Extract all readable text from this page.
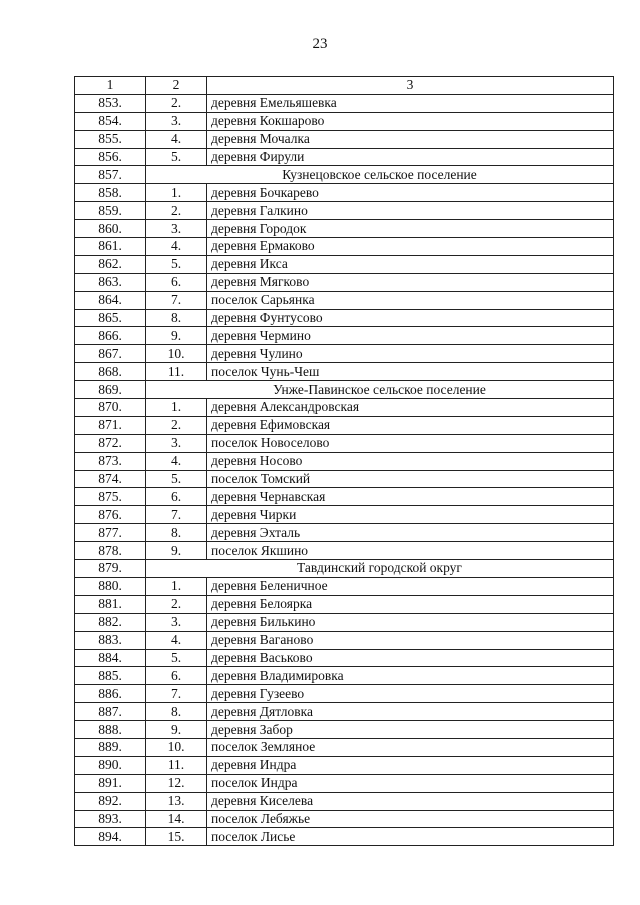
23
1	2	3
853.	2.	деревня Емельяшевка
854.	3.	деревня Кокшарово
855.	4.	деревня Мочалка
856.	5.	деревня Фирули
857.	Кузнецовское сельское поселение	
858.	1.	деревня Бочкарево
859.	2.	деревня Галкино
860.	3.	деревня Городок
861.	4.	деревня Ермаково
862.	5.	деревня Икса
863.	6.	деревня Мягково
864.	7.	поселок Сарьянка
865.	8.	деревня Фунтусово
866.	9.	деревня Чермино
867.	10.	деревня Чулино
868.	11.	поселок Чунь-Чеш
869.	Унже-Павинское сельское поселение	
870.	1.	деревня Александровская
871.	2.	деревня Ефимовская
872.	3.	поселок Новоселово
873.	4.	деревня Носово
874.	5.	поселок Томский
875.	6.	деревня Чернавская
876.	7.	деревня Чирки
877.	8.	деревня Эхталь
878.	9.	поселок Якшино
879.	Тавдинский городской округ	
880.	1.	деревня Беленичное
881.	2.	деревня Белоярка
882.	3.	деревня Билькино
883.	4.	деревня Ваганово
884.	5.	деревня Васьково
885.	6.	деревня Владимировка
886.	7.	деревня Гузеево
887.	8.	деревня Дятловка
888.	9.	деревня Забор
889.	10.	поселок Земляное
890.	11.	деревня Индра
891.	12.	поселок Индра
892.	13.	деревня Киселева
893.	14.	поселок Лебяжье
894.	15.	поселок Лисье
